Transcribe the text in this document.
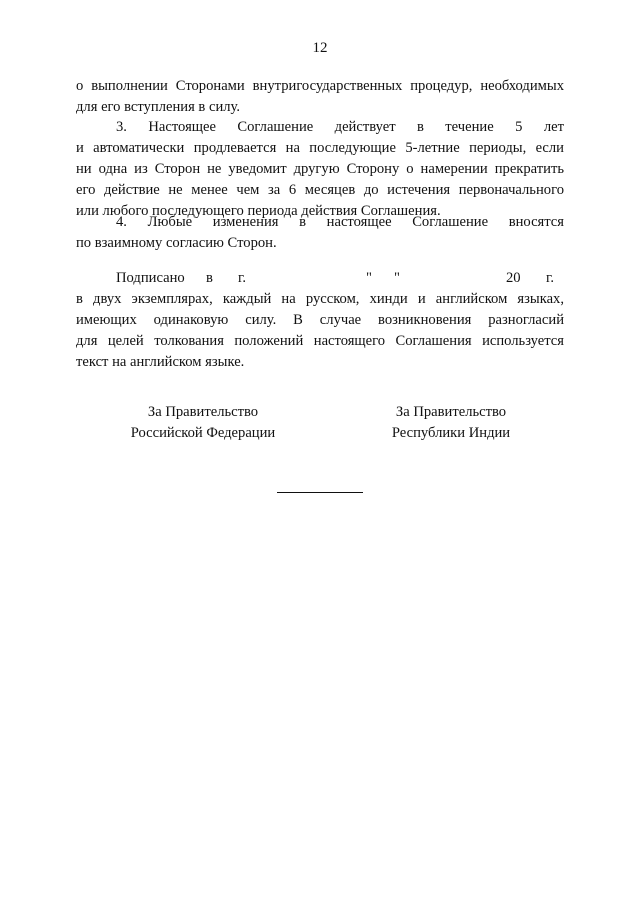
12
о выполнении Сторонами внутригосударственных процедур, необходимых
для его вступления в силу.
3. Настоящее Соглашение действует в течение 5 лет
и автоматически продлевается на последующие 5-летние периоды, если
ни одна из Сторон не уведомит другую Сторону о намерении прекратить
его действие не менее чем за 6 месяцев до истечения первоначального
или любого последующего периода действия Соглашения.
4. Любые изменения в настоящее Соглашение вносятся
по взаимному согласию Сторон.
Подписано в г.	" "	20 г.
в двух экземплярах, каждый на русском, хинди и английском языках,
имеющих одинаковую силу. В случае возникновения разногласий
для целей толкования положений настоящего Соглашения используется
текст на английском языке.
За Правительство
Российской Федерации
За Правительство
Республики Индии
